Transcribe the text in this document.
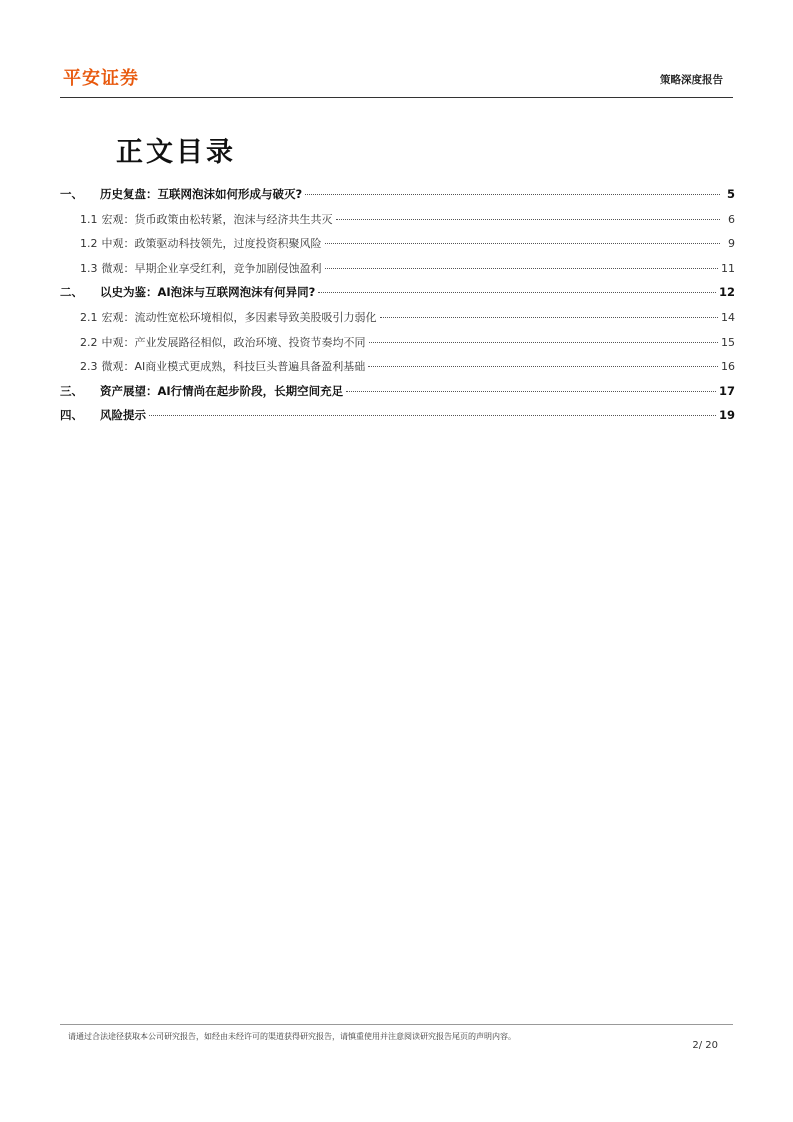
平安证券	策略深度报告
正文目录
一、	历史复盘：互联网泡沫如何形成与破灭?	5
1.1 宏观：货币政策由松转紧，泡沫与经济共生共灭	6
1.2 中观：政策驱动科技领先，过度投资积聚风险	9
1.3 微观：早期企业享受红利，竞争加剧侵蚀盈利	11
二、	以史为鉴：AI泡沫与互联网泡沫有何异同?	12
2.1 宏观：流动性宽松环境相似，多因素导致美股吸引力弱化	14
2.2 中观：产业发展路径相似，政治环境、投资节奏均不同	15
2.3 微观：AI商业模式更成熟，科技巨头普遍具备盈利基础	16
三、	资产展望：AI行情尚在起步阶段，长期空间充足	17
四、	风险提示	19
请通过合法途径获取本公司研究报告，如经由未经许可的渠道获得研究报告，请慎重使用并注意阅读研究报告尾页的声明内容。
2/ 20
